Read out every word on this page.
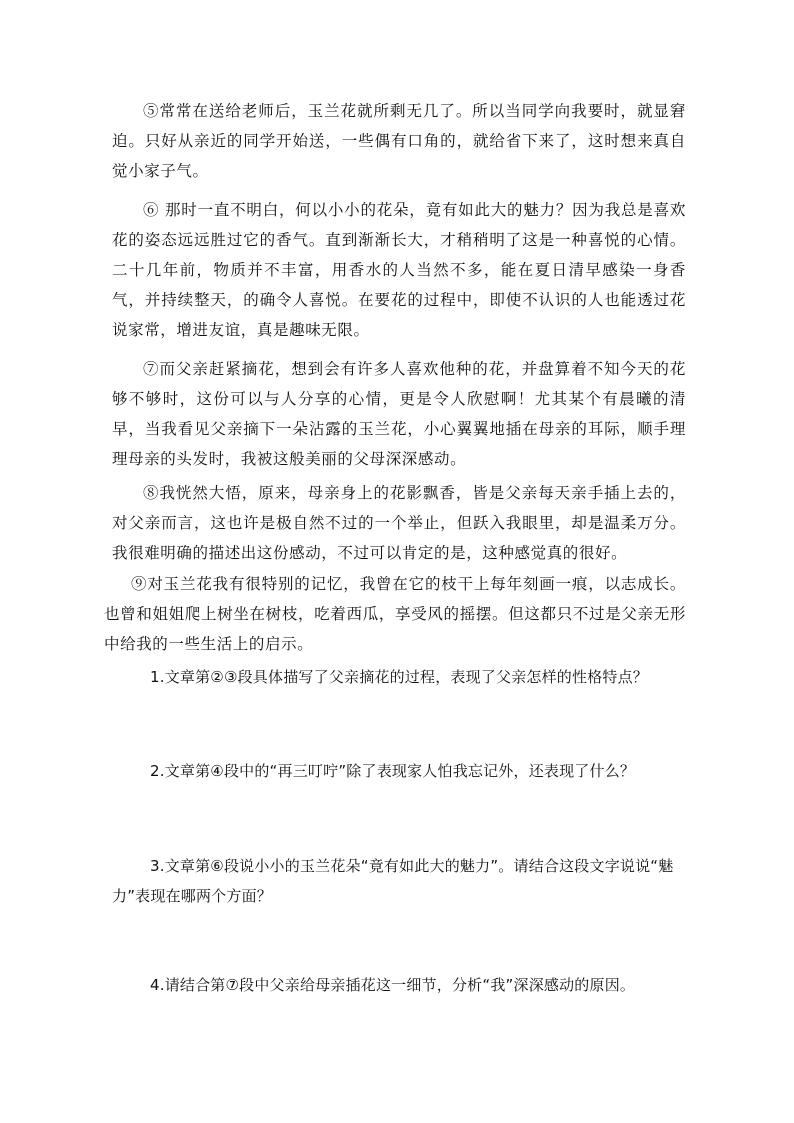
⑤常常在送给老师后，玉兰花就所剩无几了。所以当同学向我要时，就显窘迫。只好从亲近的同学开始送，一些偶有口角的，就给省下来了，这时想来真自觉小家子气。

⑥ 那时一直不明白，何以小小的花朵，竟有如此大的魅力？因为我总是喜欢花的姿态远远胜过它的香气。直到渐渐长大，才稍稍明了这是一种喜悦的心情。二十几年前，物质并不丰富，用香水的人当然不多，能在夏日清早感染一身香气，并持续整天，的确令人喜悦。在要花的过程中，即使不认识的人也能透过花说家常，增进友谊，真是趣味无限。

⑦而父亲赶紧摘花，想到会有许多人喜欢他种的花，并盘算着不知今天的花够不够时，这份可以与人分享的心情，更是令人欣慰啊！尤其某个有晨曦的清早，当我看见父亲摘下一朵沾露的玉兰花，小心翼翼地插在母亲的耳际，顺手理理母亲的头发时，我被这般美丽的父母深深感动。

⑧我恍然大悟，原来，母亲身上的花影飘香，皆是父亲每天亲手插上去的，对父亲而言，这也许是极自然不过的一个举止，但跃入我眼里，却是温柔万分。我很难明确的描述出这份感动，不过可以肯定的是，这种感觉真的很好。

⑨对玉兰花我有很特别的记忆，我曾在它的枝干上每年刻画一痕，以志成长。也曾和姐姐爬上树坐在树枝，吃着西瓜，享受风的摇摆。但这都只不过是父亲无形中给我的一些生活上的启示。

1.文章第②③段具体描写了父亲摘花的过程，表现了父亲怎样的性格特点？

2.文章第④段中的“再三叮咛”除了表现家人怕我忘记外，还表现了什么？

3.文章第⑥段说小小的玉兰花朵“竟有如此大的魅力”。请结合这段文字说说“魅力”表现在哪两个方面？

4.请结合第⑦段中父亲给母亲插花这一细节，分析“我”深深感动的原因。
